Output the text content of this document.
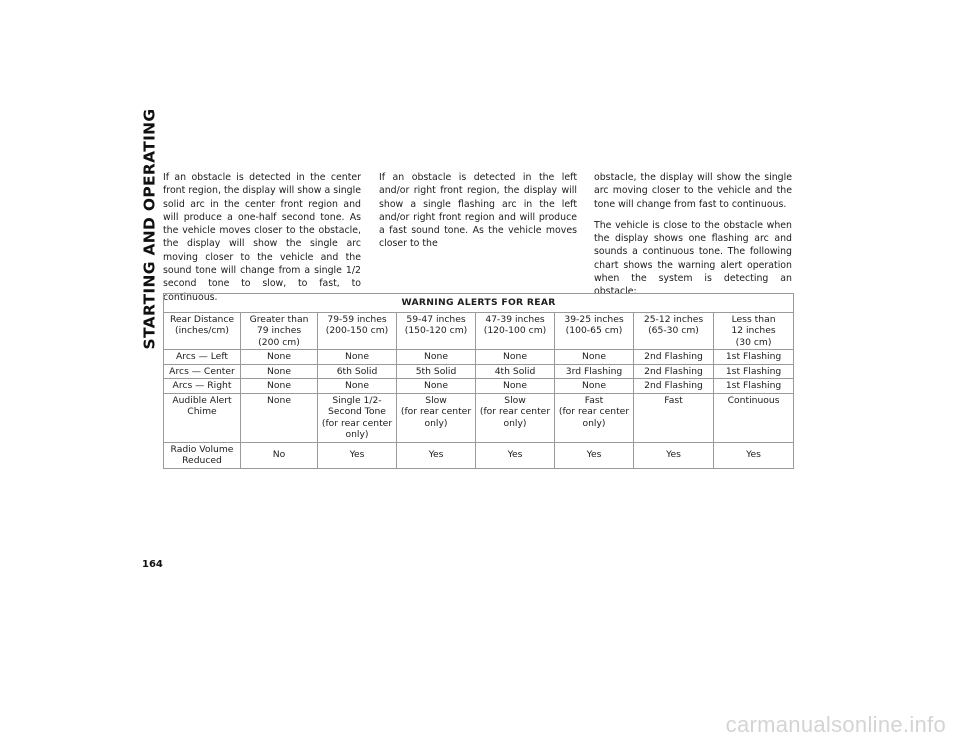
STARTING AND OPERATING If an obstacle is detected in the center front region, the display will show a single solid arc in the center front region and will produce a one-half second tone. As the vehicle moves closer to the obstacle, the display will show the single arc moving closer to the vehicle and the sound tone will change from a single 1/2 second tone to slow, to fast, to continuous.

If an obstacle is detected in the left and/or right front region, the display will show a single flashing arc in the left and/or right front region and will produce a fast sound tone. As the vehicle moves closer to the

obstacle, the display will show the single arc moving closer to the vehicle and the tone will change from fast to continuous.

The vehicle is close to the obstacle when the display shows one flashing arc and sounds a continuous tone. The following chart shows the warning alert operation when the system is detecting an obstacle:

WARNING ALERTS FOR REAR							
Rear Distance
(inches/cm)	Greater than
79 inches
(200 cm)	79-59 inches
(200-150 cm)	59-47 inches
(150-120 cm)	47-39 inches
(120-100 cm)	39-25 inches
(100-65 cm)	25-12 inches
(65-30 cm)	Less than
12 inches
(30 cm)
Arcs — Left	None	None	None	None	None	2nd Flashing	1st Flashing
Arcs — Center	None	6th Solid	5th Solid	4th Solid	3rd Flashing	2nd Flashing	1st Flashing
Arcs — Right	None	None	None	None	None	2nd Flashing	1st Flashing
Audible Alert
Chime	None	Single 1/2-
Second Tone
(for rear center
only)	Slow
(for rear center
only)	Slow
(for rear center
only)	Fast
(for rear center
only)	Fast	Continuous
Radio Volume
Reduced	No	Yes	Yes	Yes	Yes	Yes	Yes
164
carmanualsonline.info
